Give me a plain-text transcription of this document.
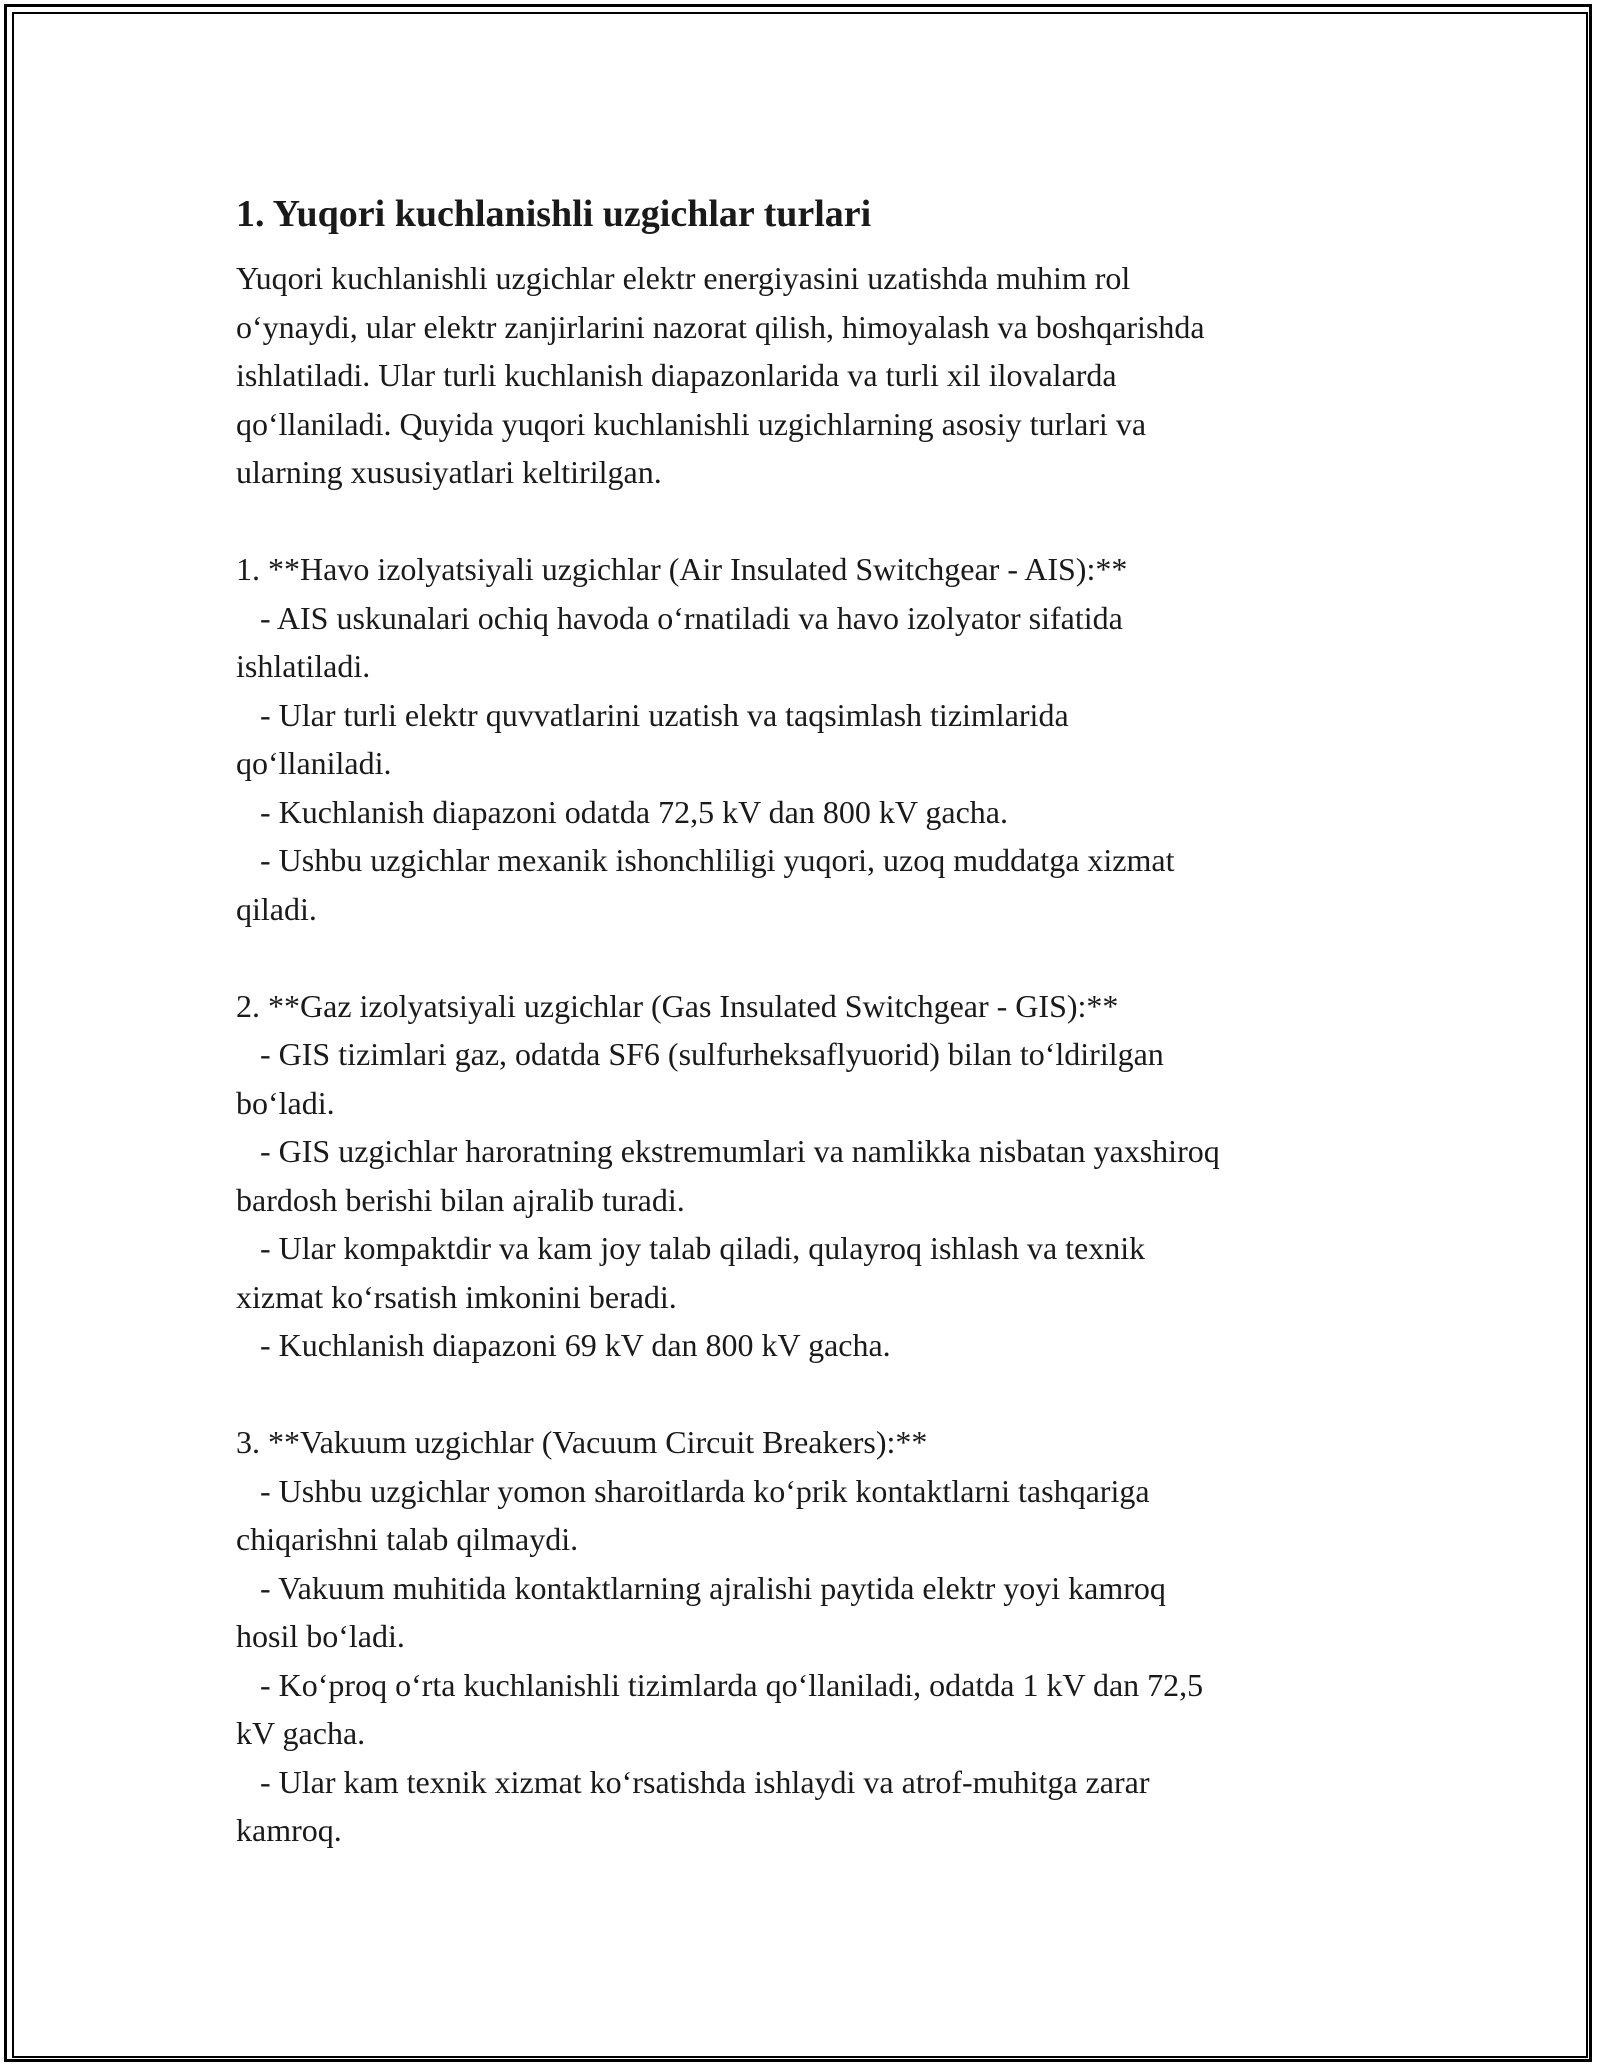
1. Yuqori kuchlanishli uzgichlar turlari

Yuqori kuchlanishli uzgichlar elektr energiyasini uzatishda muhim rol
o‘ynaydi, ular elektr zanjirlarini nazorat qilish, himoyalash va boshqarishda
ishlatiladi. Ular turli kuchlanish diapazonlarida va turli xil ilovalarda
qo‘llaniladi. Quyida yuqori kuchlanishli uzgichlarning asosiy turlari va
ularning xususiyatlari keltirilgan.

1. **Havo izolyatsiyali uzgichlar (Air Insulated Switchgear - AIS):**
- AIS uskunalari ochiq havoda o‘rnatiladi va havo izolyator sifatida
ishlatiladi.
- Ular turli elektr quvvatlarini uzatish va taqsimlash tizimlarida
qo‘llaniladi.
- Kuchlanish diapazoni odatda 72,5 kV dan 800 kV gacha.
- Ushbu uzgichlar mexanik ishonchliligi yuqori, uzoq muddatga xizmat
qiladi.

2. **Gaz izolyatsiyali uzgichlar (Gas Insulated Switchgear - GIS):**
- GIS tizimlari gaz, odatda SF6 (sulfurheksaflyuorid) bilan to‘ldirilgan
bo‘ladi.
- GIS uzgichlar haroratning ekstremumlari va namlikka nisbatan yaxshiroq
bardosh berishi bilan ajralib turadi.
- Ular kompaktdir va kam joy talab qiladi, qulayroq ishlash va texnik
xizmat ko‘rsatish imkonini beradi.
- Kuchlanish diapazoni 69 kV dan 800 kV gacha.

3. **Vakuum uzgichlar (Vacuum Circuit Breakers):**
- Ushbu uzgichlar yomon sharoitlarda ko‘prik kontaktlarni tashqariga
chiqarishni talab qilmaydi.
- Vakuum muhitida kontaktlarning ajralishi paytida elektr yoyi kamroq
hosil bo‘ladi.
- Ko‘proq o‘rta kuchlanishli tizimlarda qo‘llaniladi, odatda 1 kV dan 72,5
kV gacha.
- Ular kam texnik xizmat ko‘rsatishda ishlaydi va atrof-muhitga zarar
kamroq.
